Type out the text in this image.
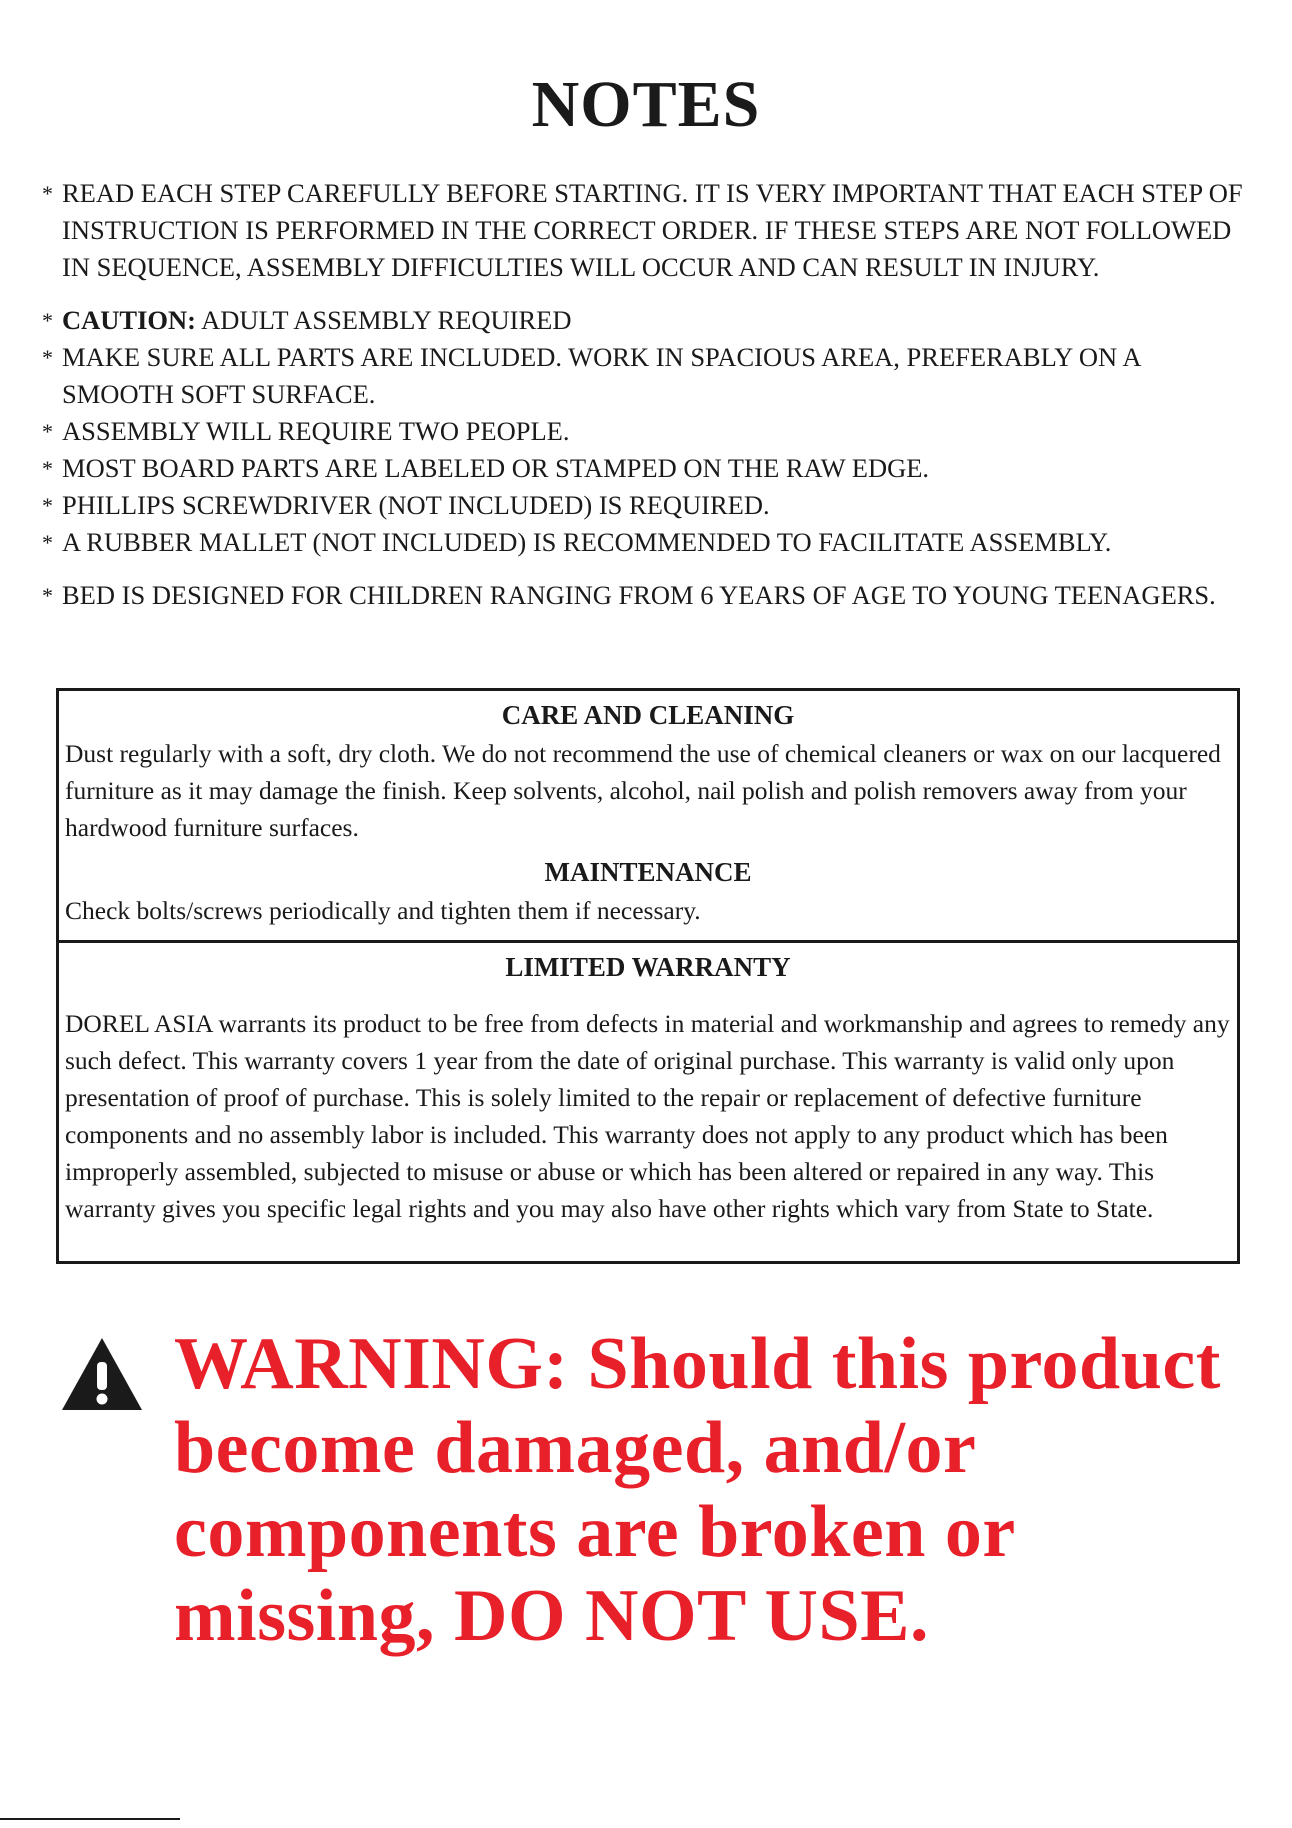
NOTES
* READ EACH STEP CAREFULLY BEFORE STARTING. IT IS VERY IMPORTANT THAT EACH STEP OF INSTRUCTION IS PERFORMED IN THE CORRECT ORDER. IF THESE STEPS ARE NOT FOLLOWED IN SEQUENCE, ASSEMBLY DIFFICULTIES WILL OCCUR AND CAN RESULT IN INJURY.
* CAUTION: ADULT ASSEMBLY REQUIRED
* MAKE SURE ALL PARTS ARE INCLUDED. WORK IN SPACIOUS AREA, PREFERABLY ON A SMOOTH SOFT SURFACE.
* ASSEMBLY WILL REQUIRE TWO PEOPLE.
* MOST BOARD PARTS ARE LABELED OR STAMPED ON THE RAW EDGE.
* PHILLIPS SCREWDRIVER (NOT INCLUDED) IS REQUIRED.
* A RUBBER MALLET (NOT INCLUDED) IS RECOMMENDED TO FACILITATE ASSEMBLY.
* BED IS DESIGNED FOR CHILDREN RANGING FROM 6 YEARS OF AGE TO YOUNG TEENAGERS.
CARE AND CLEANING

Dust regularly with a soft, dry cloth. We do not recommend the use of chemical cleaners or wax on our lacquered furniture as it may damage the finish. Keep solvents, alcohol, nail polish and polish removers away from your hardwood furniture surfaces.

MAINTENANCE

Check bolts/screws periodically and tighten them if necessary.

LIMITED WARRANTY

DOREL ASIA warrants its product to be free from defects in material and workmanship and agrees to remedy any such defect. This warranty covers 1 year from the date of original purchase. This warranty is valid only upon presentation of proof of purchase. This is solely limited to the repair or replacement of defective furniture components and no assembly labor is included. This warranty does not apply to any product which has been improperly assembled, subjected to misuse or abuse or which has been altered or repaired in any way. This warranty gives you specific legal rights and you may also have other rights which vary from State to State.

WARNING: Should this product become damaged, and/or components are broken or missing, DO NOT USE.
